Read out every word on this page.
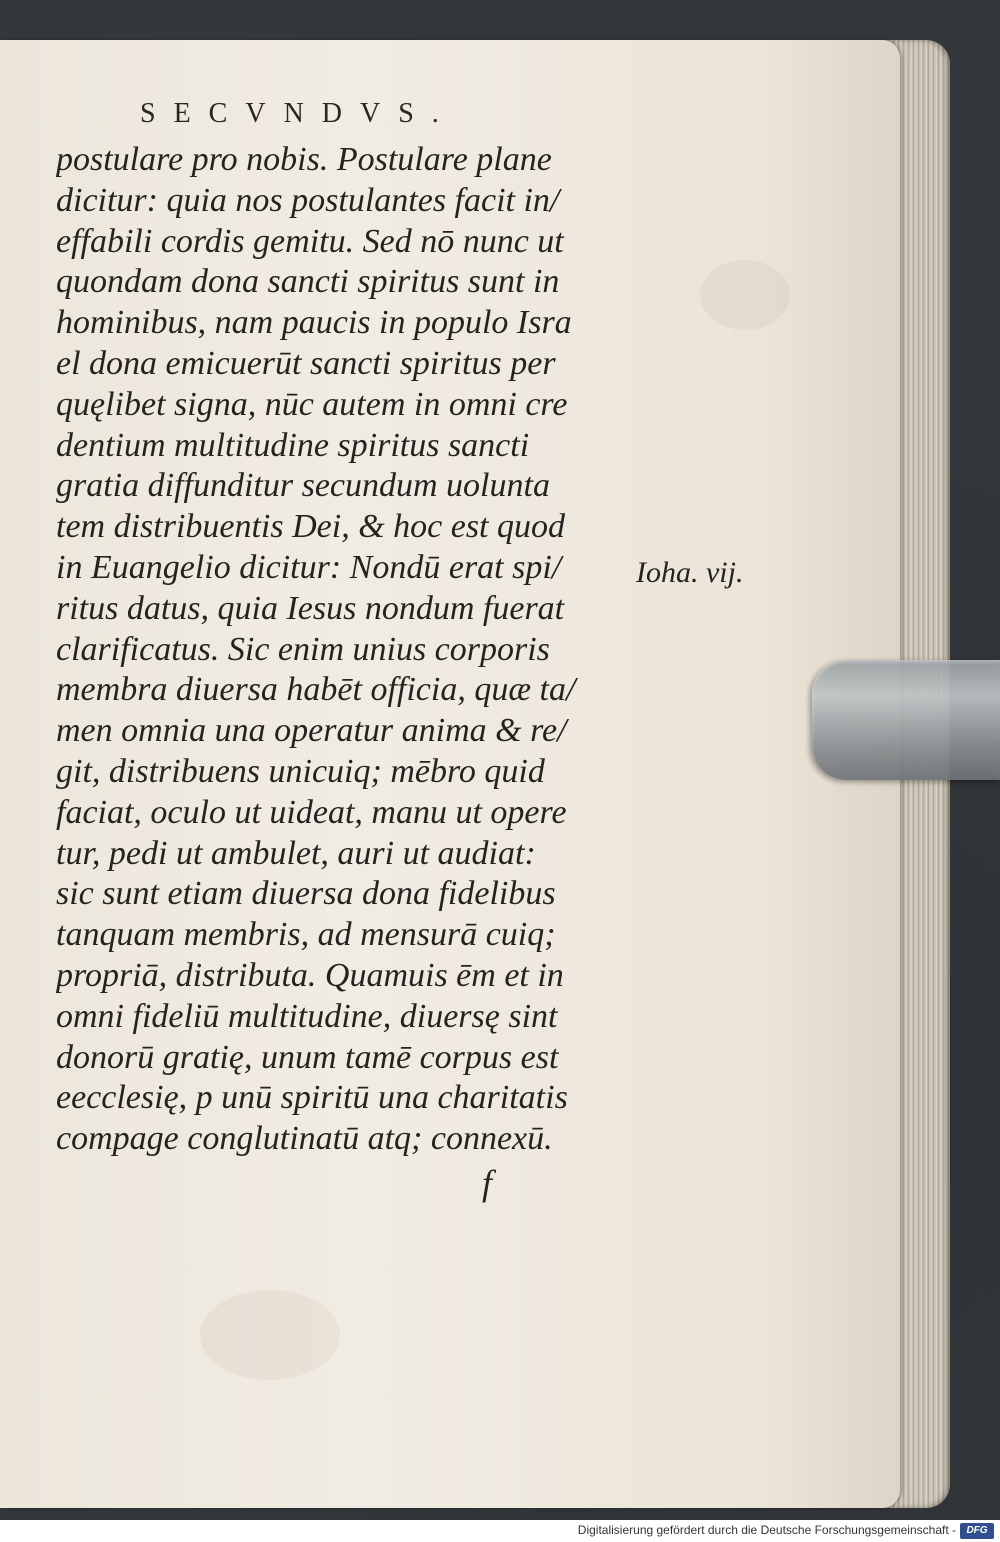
SECVNDVS.
postulare pro nobis. Postulare plane
dicitur: quia nos postulantes facit in/
effabili cordis gemitu. Sed nō nunc ut
quondam dona sancti spiritus sunt in
hominibus, nam paucis in populo Isra
el dona emicuerūt sancti spiritus per
quęlibet signa, nūc autem in omni cre
dentium multitudine spiritus sancti
gratia diffunditur secundum uolunta
tem distribuentis Dei, & hoc est quod
in Euangelio dicitur: Nondū erat spi/
ritus datus, quia Iesus nondum fuerat
clarificatus. Sic enim unius corporis
membra diuersa habēt officia, quæ ta/
men omnia una operatur anima & re/
git, distribuens unicuiq; mēbro quid
faciat, oculo ut uideat, manu ut opere
tur, pedi ut ambulet, auri ut audiat:
sic sunt etiam diuersa dona fidelibus
tanquam membris, ad mensurā cuiq;
propriā, distributa. Quamuis ēm et in
omni fideliū multitudine, diuersę sint
donorū gratię, unum tamē corpus est
eecclesię, p unū spiritū una charitatis
compage conglutinatū atq; connexū.
Ioha. vij.
f
Digitalisierung gefördert durch die Deutsche Forschungsgemeinschaft -	DFG
